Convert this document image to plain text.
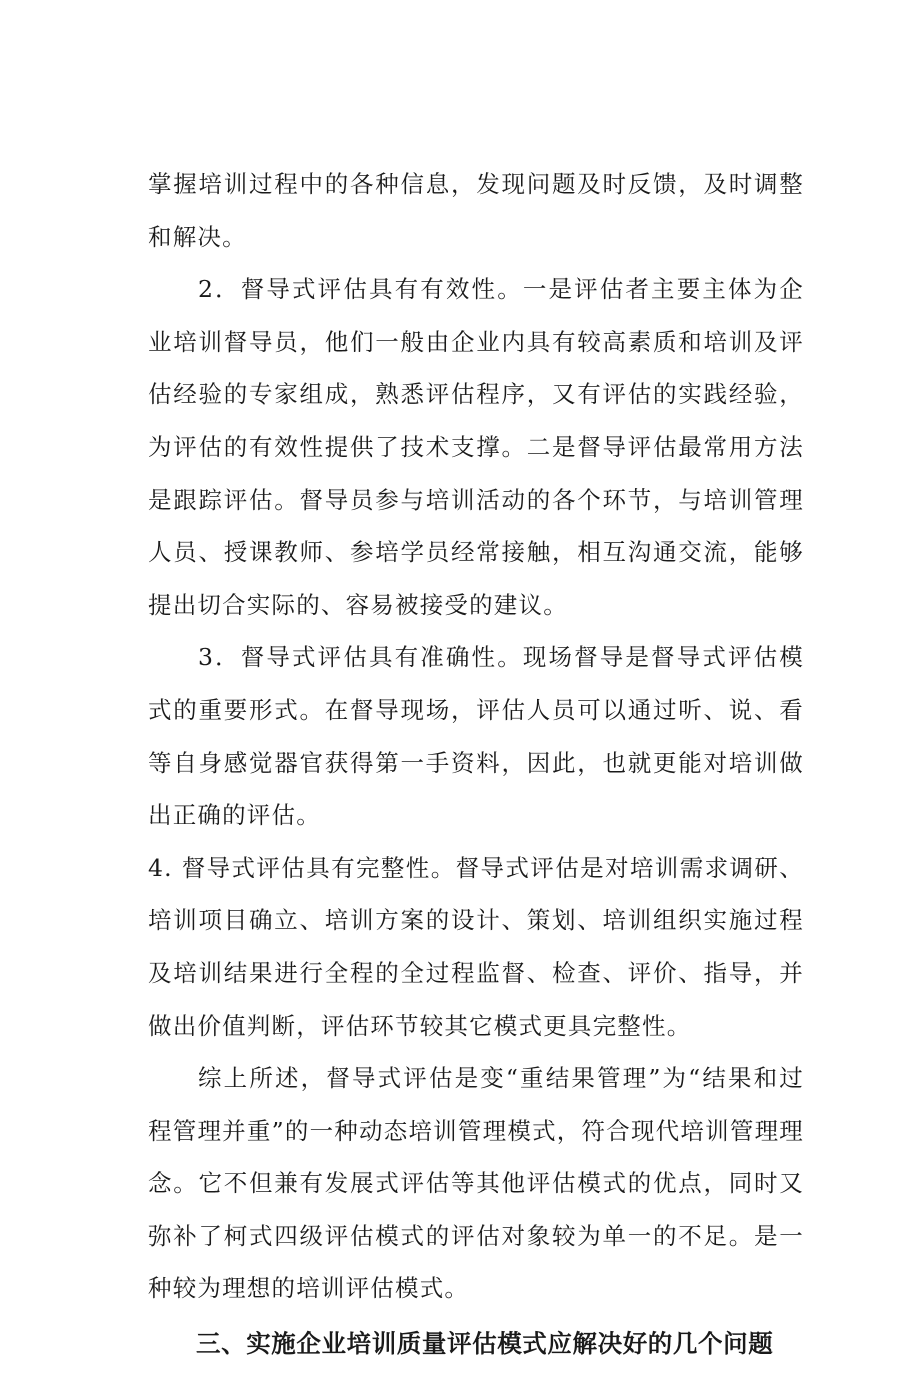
掌握培训过程中的各种信息，发现问题及时反馈，及时调整和解决。

2．督导式评估具有有效性。一是评估者主要主体为企业培训督导员，他们一般由企业内具有较高素质和培训及评估经验的专家组成，熟悉评估程序，又有评估的实践经验，为评估的有效性提供了技术支撑。二是督导评估最常用方法是跟踪评估。督导员参与培训活动的各个环节，与培训管理人员、授课教师、参培学员经常接触，相互沟通交流，能够提出切合实际的、容易被接受的建议。

3．督导式评估具有准确性。现场督导是督导式评估模式的重要形式。在督导现场，评估人员可以通过听、说、看等自身感觉器官获得第一手资料，因此，也就更能对培训做出正确的评估。

4. 督导式评估具有完整性。督导式评估是对培训需求调研、培训项目确立、培训方案的设计、策划、培训组织实施过程及培训结果进行全程的全过程监督、检查、评价、指导，并做出价值判断，评估环节较其它模式更具完整性。

综上所述，督导式评估是变“重结果管理”为“结果和过程管理并重”的一种动态培训管理模式，符合现代培训管理理念。它不但兼有发展式评估等其他评估模式的优点，同时又弥补了柯式四级评估模式的评估对象较为单一的不足。是一种较为理想的培训评估模式。

三、实施企业培训质量评估模式应解决好的几个问题
